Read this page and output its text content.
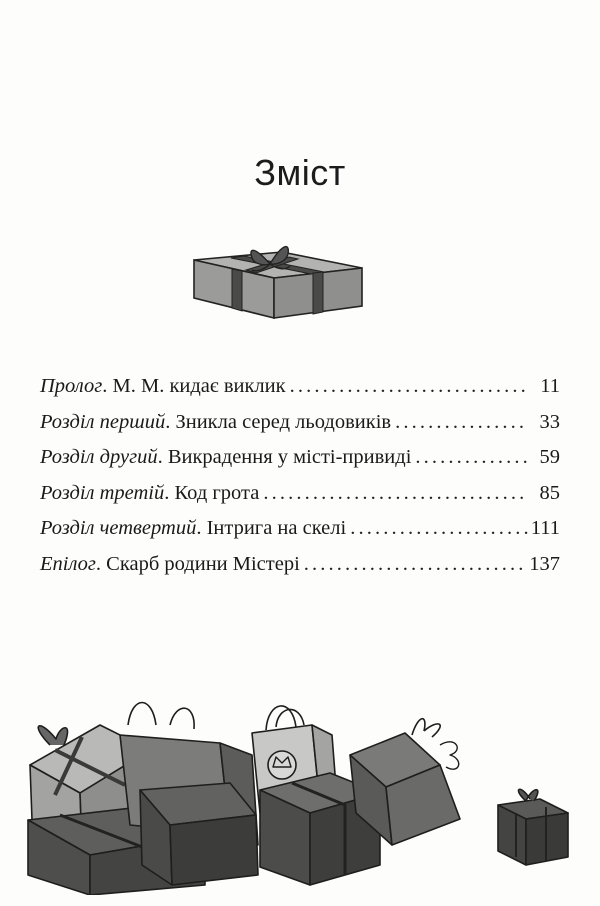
Зміст
Пролог. М. М. кидає виклик . . .	11
Розділ перший. Зникла серед льодовиків . . .	33
Розділ другий. Викрадення у місті-привиді . . .	59
Розділ третій. Код грота . . .	85
Розділ четвертий. Інтрига на скелі . . .	111
Епілог. Скарб родини Містері . . .	137
